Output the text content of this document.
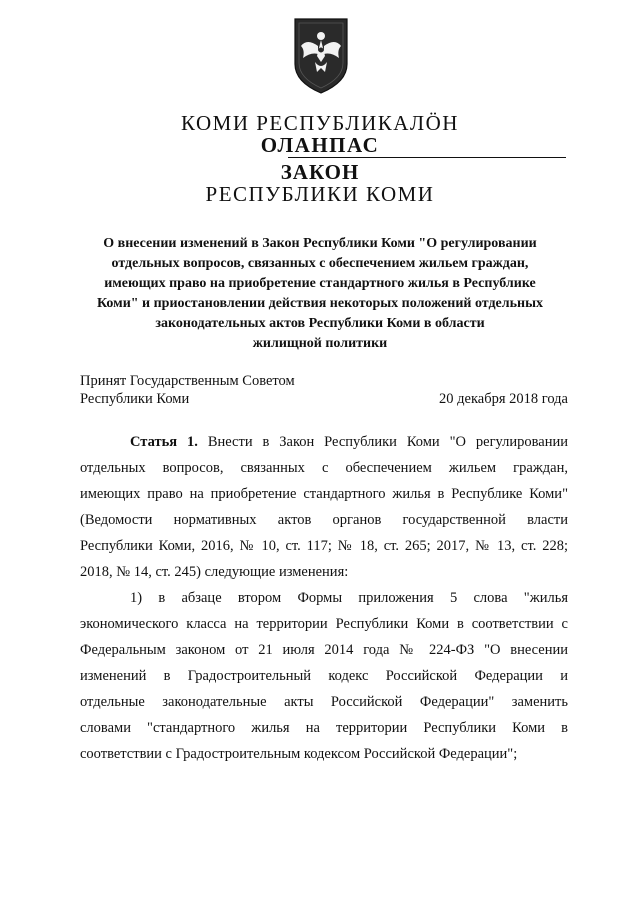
КОМИ РЕСПУБЛИКАЛӦН
ОЛАНПАС
ЗАКОН
РЕСПУБЛИКИ КОМИ
О внесении изменений в Закон Республики Коми "О регулировании
отдельных вопросов, связанных с обеспечением жильем граждан,
имеющих право на приобретение стандартного жилья в Республике
Коми" и приостановлении действия некоторых положений отдельных
законодательных актов Республики Коми в области
жилищной политики
Принят Государственным Советом
Республики Коми	20 декабря 2018 года
Статья 1. Внести в Закон Республики Коми "О регулировании
отдельных вопросов, связанных с обеспечением жильем граждан,
имеющих право на приобретение стандартного жилья в Республике Коми"
(Ведомости нормативных актов органов государственной власти
Республики Коми, 2016, № 10, ст. 117; № 18, ст. 265; 2017, № 13, ст. 228;
2018, № 14, ст. 245) следующие изменения:
1) в абзаце втором Формы приложения 5 слова "жилья
экономического класса на территории Республики Коми в соответствии с
Федеральным законом от 21 июля 2014 года № 224-ФЗ "О внесении
изменений в Градостроительный кодекс Российской Федерации и
отдельные законодательные акты Российской Федерации" заменить
словами "стандартного жилья на территории Республики Коми в
соответствии с Градостроительным кодексом Российской Федерации";
